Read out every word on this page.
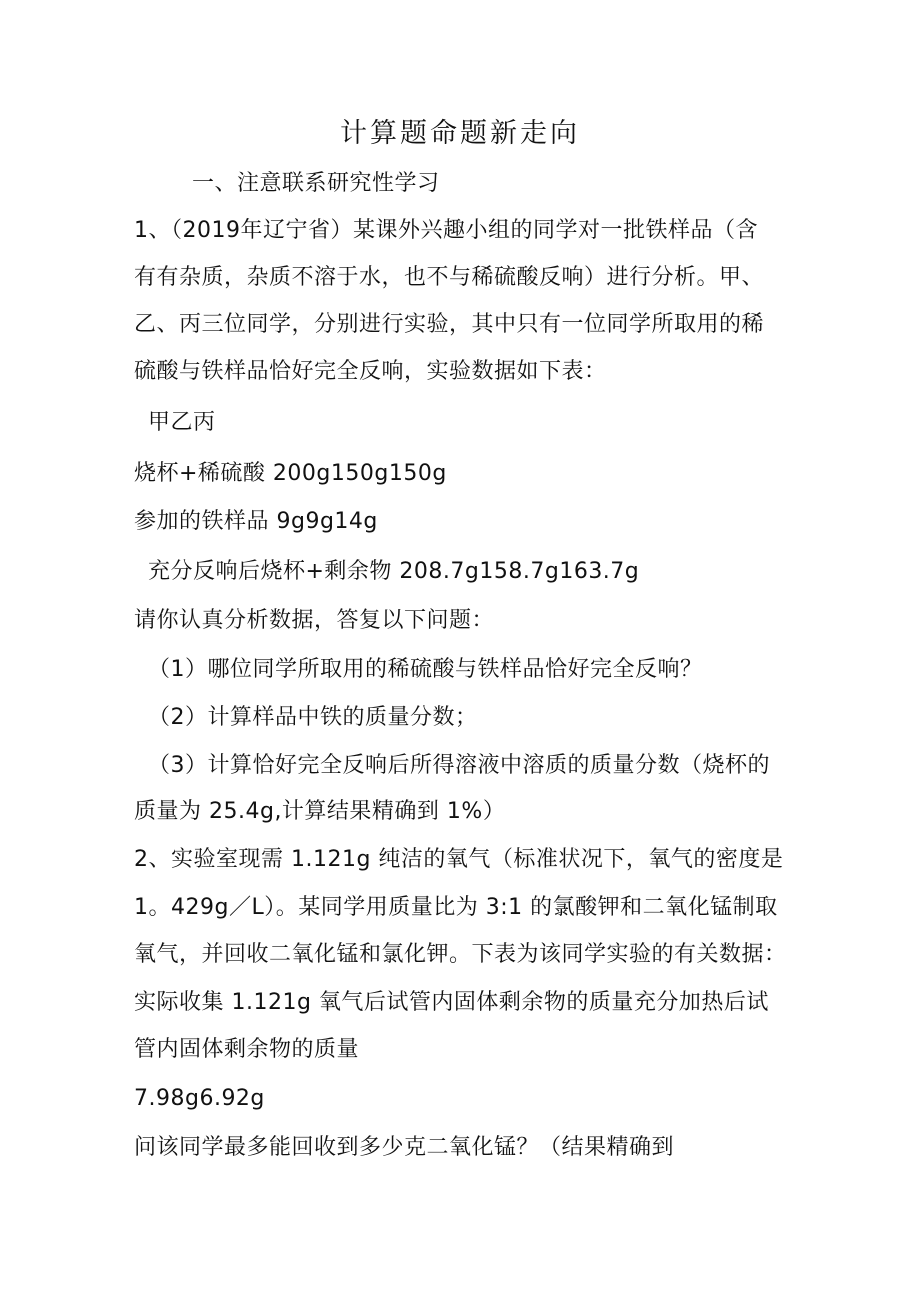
计算题命题新走向
一、注意联系研究性学习
1、（2019年辽宁省）某课外兴趣小组的同学对一批铁样品（含
有有杂质，杂质不溶于水，也不与稀硫酸反响）进行分析。甲、
乙、丙三位同学，分别进行实验，其中只有一位同学所取用的稀
硫酸与铁样品恰好完全反响，实验数据如下表：
甲乙丙
烧杯+稀硫酸 200g150g150g
参加的铁样品 9g9g14g
充分反响后烧杯+剩余物 208.7g158.7g163.7g
请你认真分析数据，答复以下问题：
（1）哪位同学所取用的稀硫酸与铁样品恰好完全反响？
（2）计算样品中铁的质量分数；
（3）计算恰好完全反响后所得溶液中溶质的质量分数（烧杯的
质量为 25.4g,计算结果精确到 1%）
2、实验室现需 1.121g 纯洁的氧气（标准状况下，氧气的密度是
1。429g／L）。某同学用质量比为 3:1 的氯酸钾和二氧化锰制取
氧气，并回收二氧化锰和氯化钾。下表为该同学实验的有关数据：
实际收集 1.121g 氧气后试管内固体剩余物的质量充分加热后试
管内固体剩余物的质量
7.98g6.92g
问该同学最多能回收到多少克二氧化锰？（结果精确到
